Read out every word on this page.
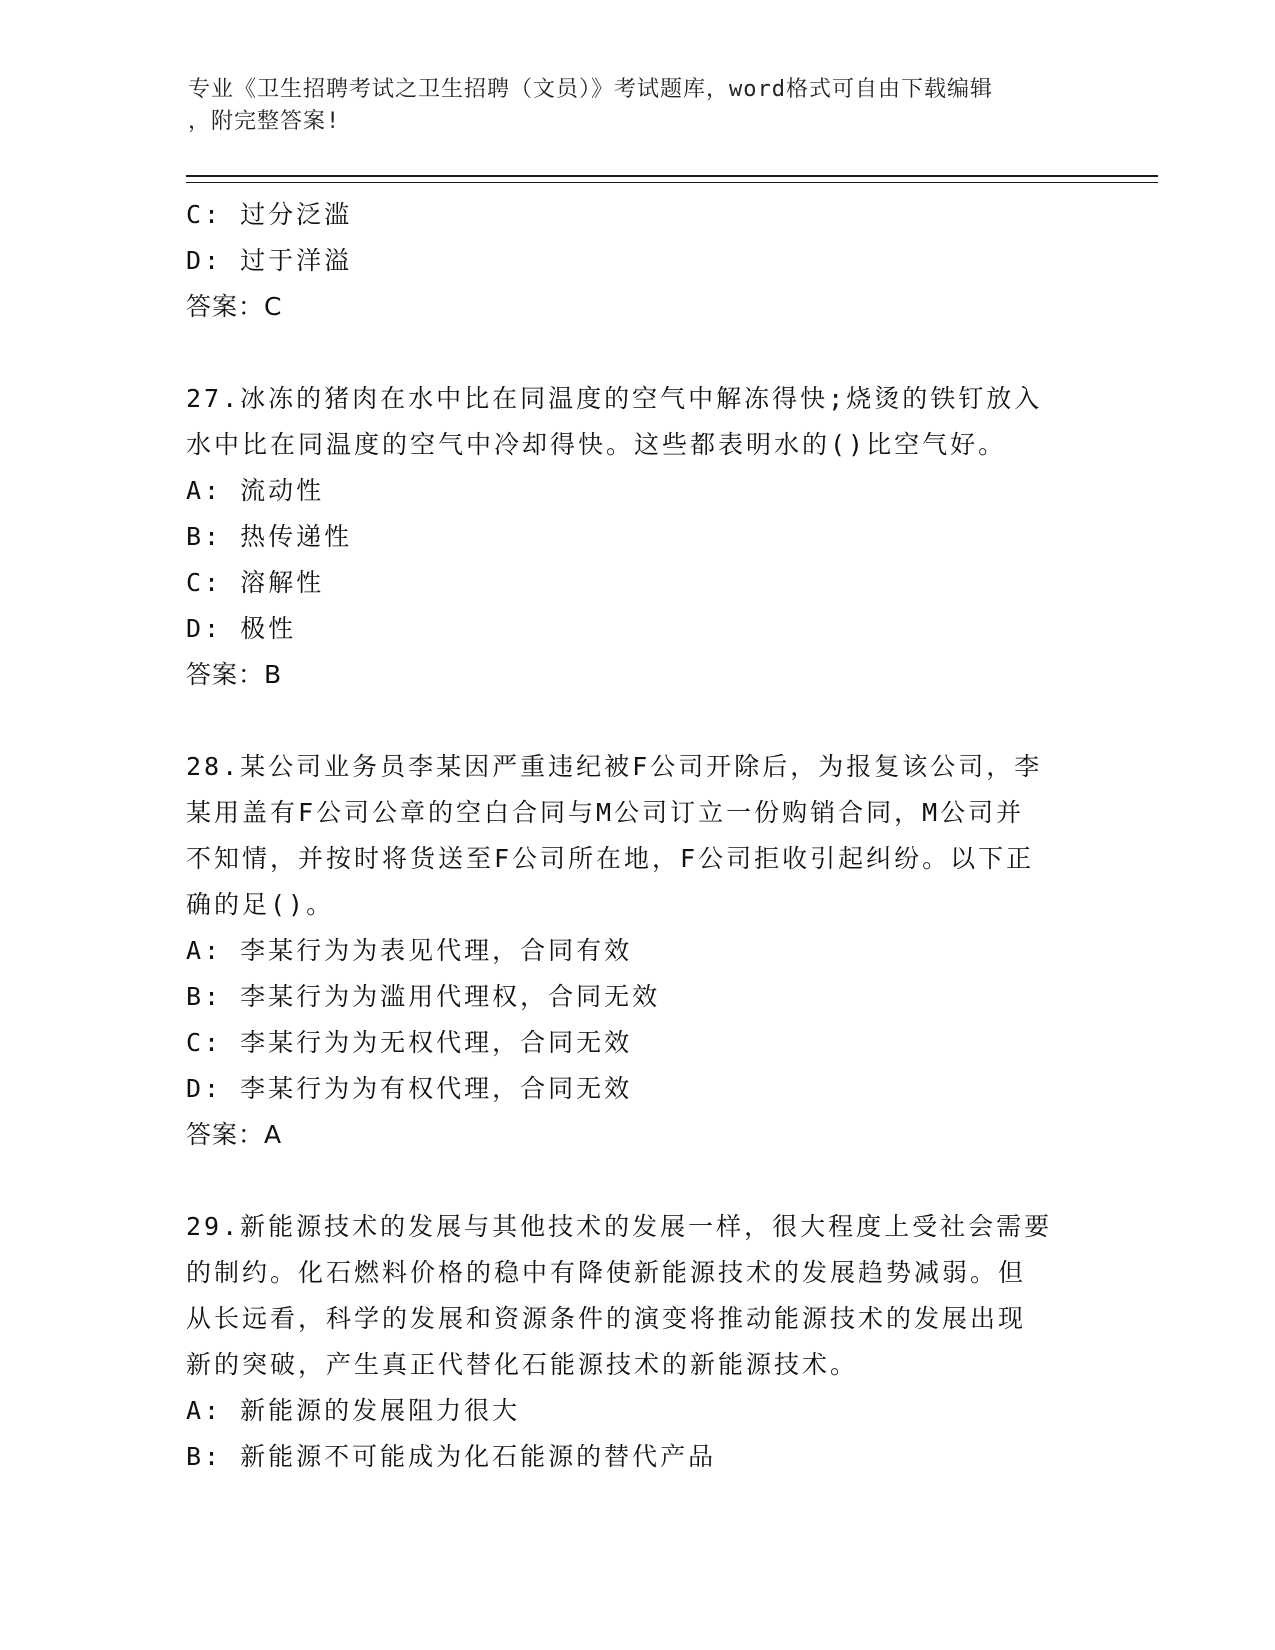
专业《卫生招聘考试之卫生招聘（文员）》考试题库，word格式可自由下载编辑
，附完整答案!
C: 过分泛滥
D: 过于洋溢
答案：C
27.冰冻的猪肉在水中比在同温度的空气中解冻得快;烧烫的铁钉放入
水中比在同温度的空气中冷却得快。这些都表明水的()比空气好。
A: 流动性
B: 热传递性
C: 溶解性
D: 极性
答案：B
28.某公司业务员李某因严重违纪被F公司开除后，为报复该公司，李
某用盖有F公司公章的空白合同与M公司订立一份购销合同，M公司并
不知情，并按时将货送至F公司所在地，F公司拒收引起纠纷。以下正
确的足()。
A: 李某行为为表见代理，合同有效
B: 李某行为为滥用代理权，合同无效
C: 李某行为为无权代理，合同无效
D: 李某行为为有权代理，合同无效
答案：A
29.新能源技术的发展与其他技术的发展一样，很大程度上受社会需要
的制约。化石燃料价格的稳中有降使新能源技术的发展趋势减弱。但
从长远看，科学的发展和资源条件的演变将推动能源技术的发展出现
新的突破，产生真正代替化石能源技术的新能源技术。
A: 新能源的发展阻力很大
B: 新能源不可能成为化石能源的替代产品
